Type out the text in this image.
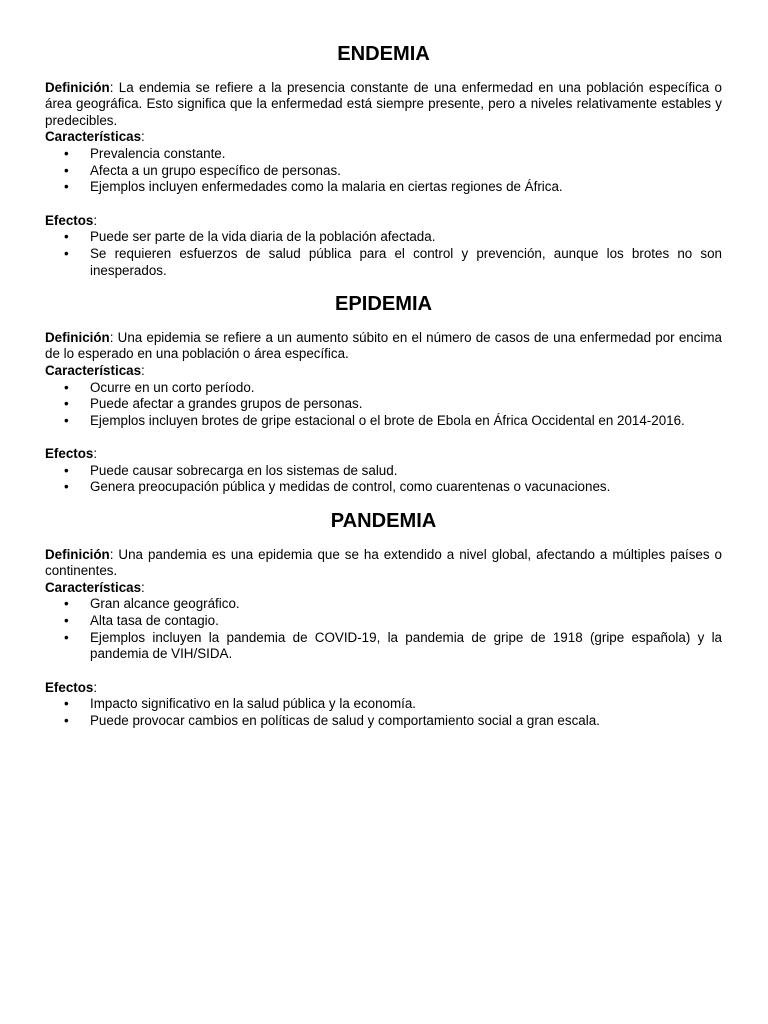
ENDEMIA

Definición: La endemia se refiere a la presencia constante de una enfermedad en una población específica o área geográfica. Esto significa que la enfermedad está siempre presente, pero a niveles relativamente estables y predecibles.

Características:

• Prevalencia constante.
• Afecta a un grupo específico de personas.
• Ejemplos incluyen enfermedades como la malaria en ciertas regiones de África.

Efectos:

• Puede ser parte de la vida diaria de la población afectada.
• Se requieren esfuerzos de salud pública para el control y prevención, aunque los brotes no son inesperados.
EPIDEMIA

Definición: Una epidemia se refiere a un aumento súbito en el número de casos de una enfermedad por encima de lo esperado en una población o área específica.

Características:

• Ocurre en un corto período.
• Puede afectar a grandes grupos de personas.
• Ejemplos incluyen brotes de gripe estacional o el brote de Ebola en África Occidental en 2014-2016.

Efectos:

• Puede causar sobrecarga en los sistemas de salud.
• Genera preocupación pública y medidas de control, como cuarentenas o vacunaciones.
PANDEMIA

Definición: Una pandemia es una epidemia que se ha extendido a nivel global, afectando a múltiples países o continentes.

Características:

• Gran alcance geográfico.
• Alta tasa de contagio.
• Ejemplos incluyen la pandemia de COVID-19, la pandemia de gripe de 1918 (gripe española) y la pandemia de VIH/SIDA.

Efectos:

• Impacto significativo en la salud pública y la economía.
• Puede provocar cambios en políticas de salud y comportamiento social a gran escala.
